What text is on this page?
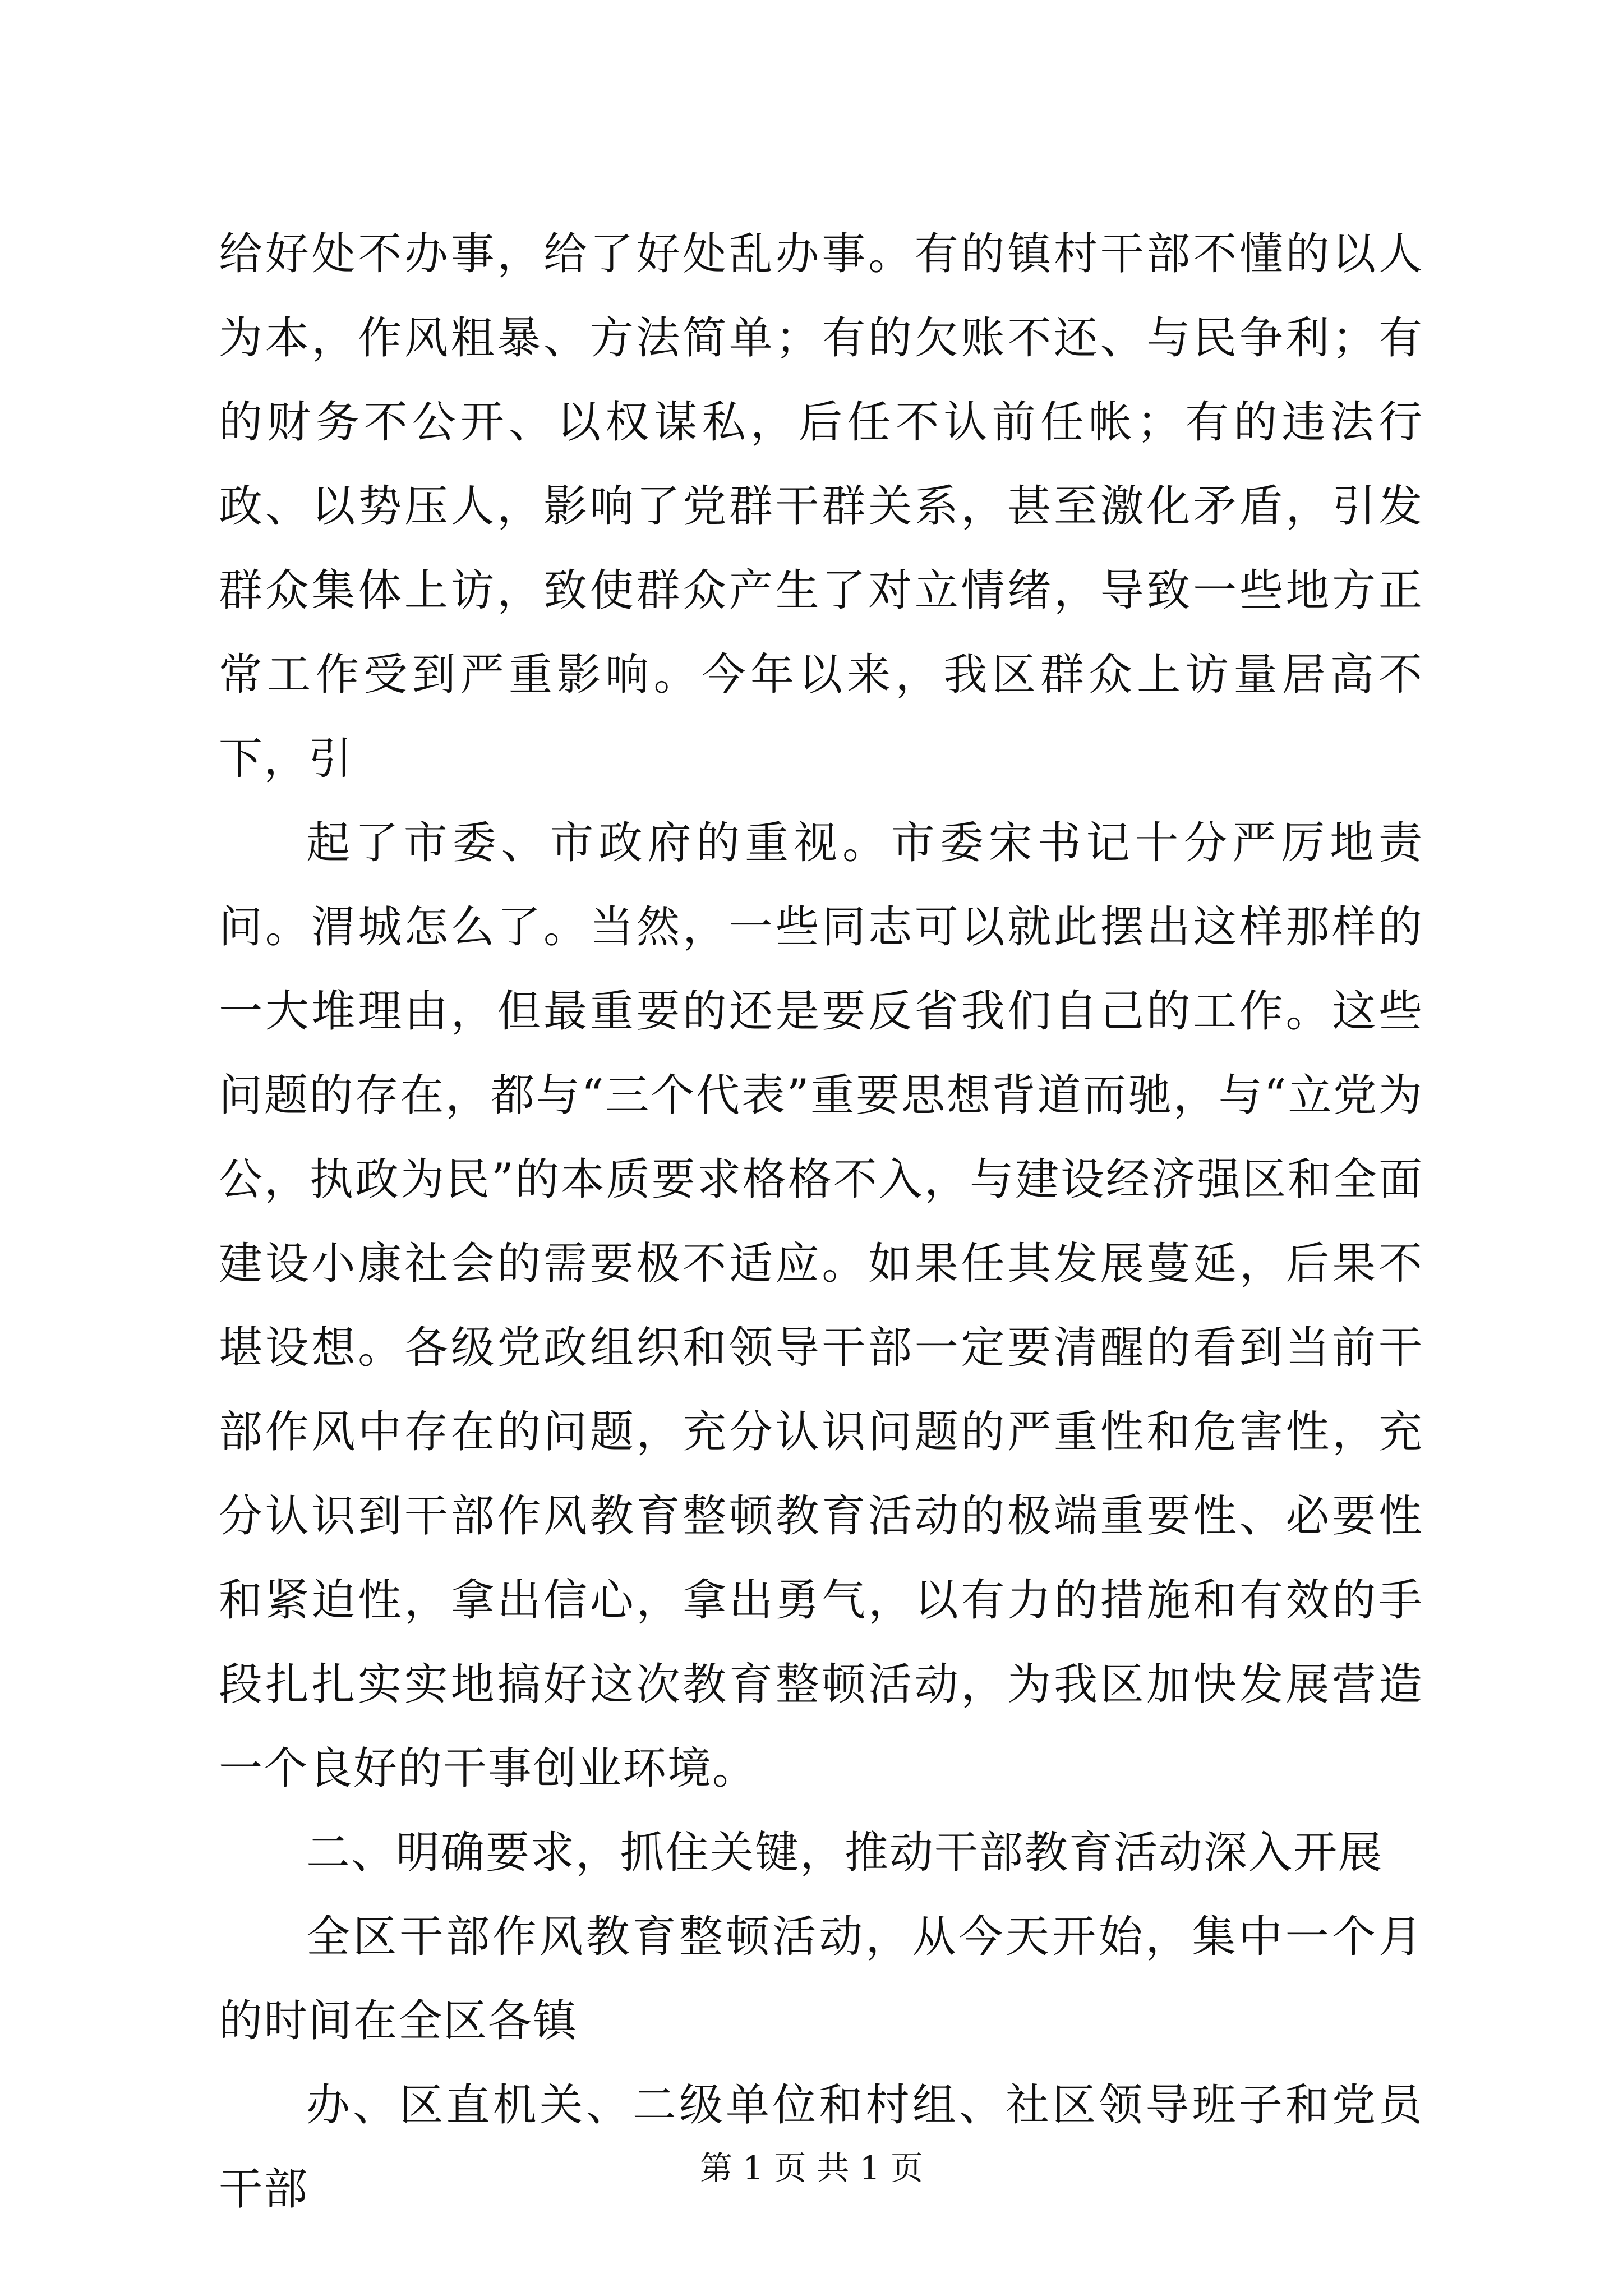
给好处不办事，给了好处乱办事。有的镇村干部不懂的以人为本，作风粗暴、方法简单；有的欠账不还、与民争利；有的财务不公开、以权谋私，后任不认前任帐；有的违法行政、以势压人，影响了党群干群关系，甚至激化矛盾，引发群众集体上访，致使群众产生了对立情绪，导致一些地方正常工作受到严重影响。今年以来，我区群众上访量居高不下，引

起了市委、市政府的重视。市委宋书记十分严厉地责问。渭城怎么了。当然，一些同志可以就此摆出这样那样的一大堆理由，但最重要的还是要反省我们自己的工作。这些问题的存在，都与“三个代表”重要思想背道而驰，与“立党为公，执政为民”的本质要求格格不入，与建设经济强区和全面建设小康社会的需要极不适应。如果任其发展蔓延，后果不堪设想。各级党政组织和领导干部一定要清醒的看到当前干部作风中存在的问题，充分认识问题的严重性和危害性，充分认识到干部作风教育整顿教育活动的极端重要性、必要性和紧迫性，拿出信心，拿出勇气，以有力的措施和有效的手段扎扎实实地搞好这次教育整顿活动，为我区加快发展营造一个良好的干事创业环境。

二、明确要求，抓住关键，推动干部教育活动深入开展

全区干部作风教育整顿活动，从今天开始，集中一个月的时间在全区各镇

办、区直机关、二级单位和村组、社区领导班子和党员干部	第 1 页 共 1 页
